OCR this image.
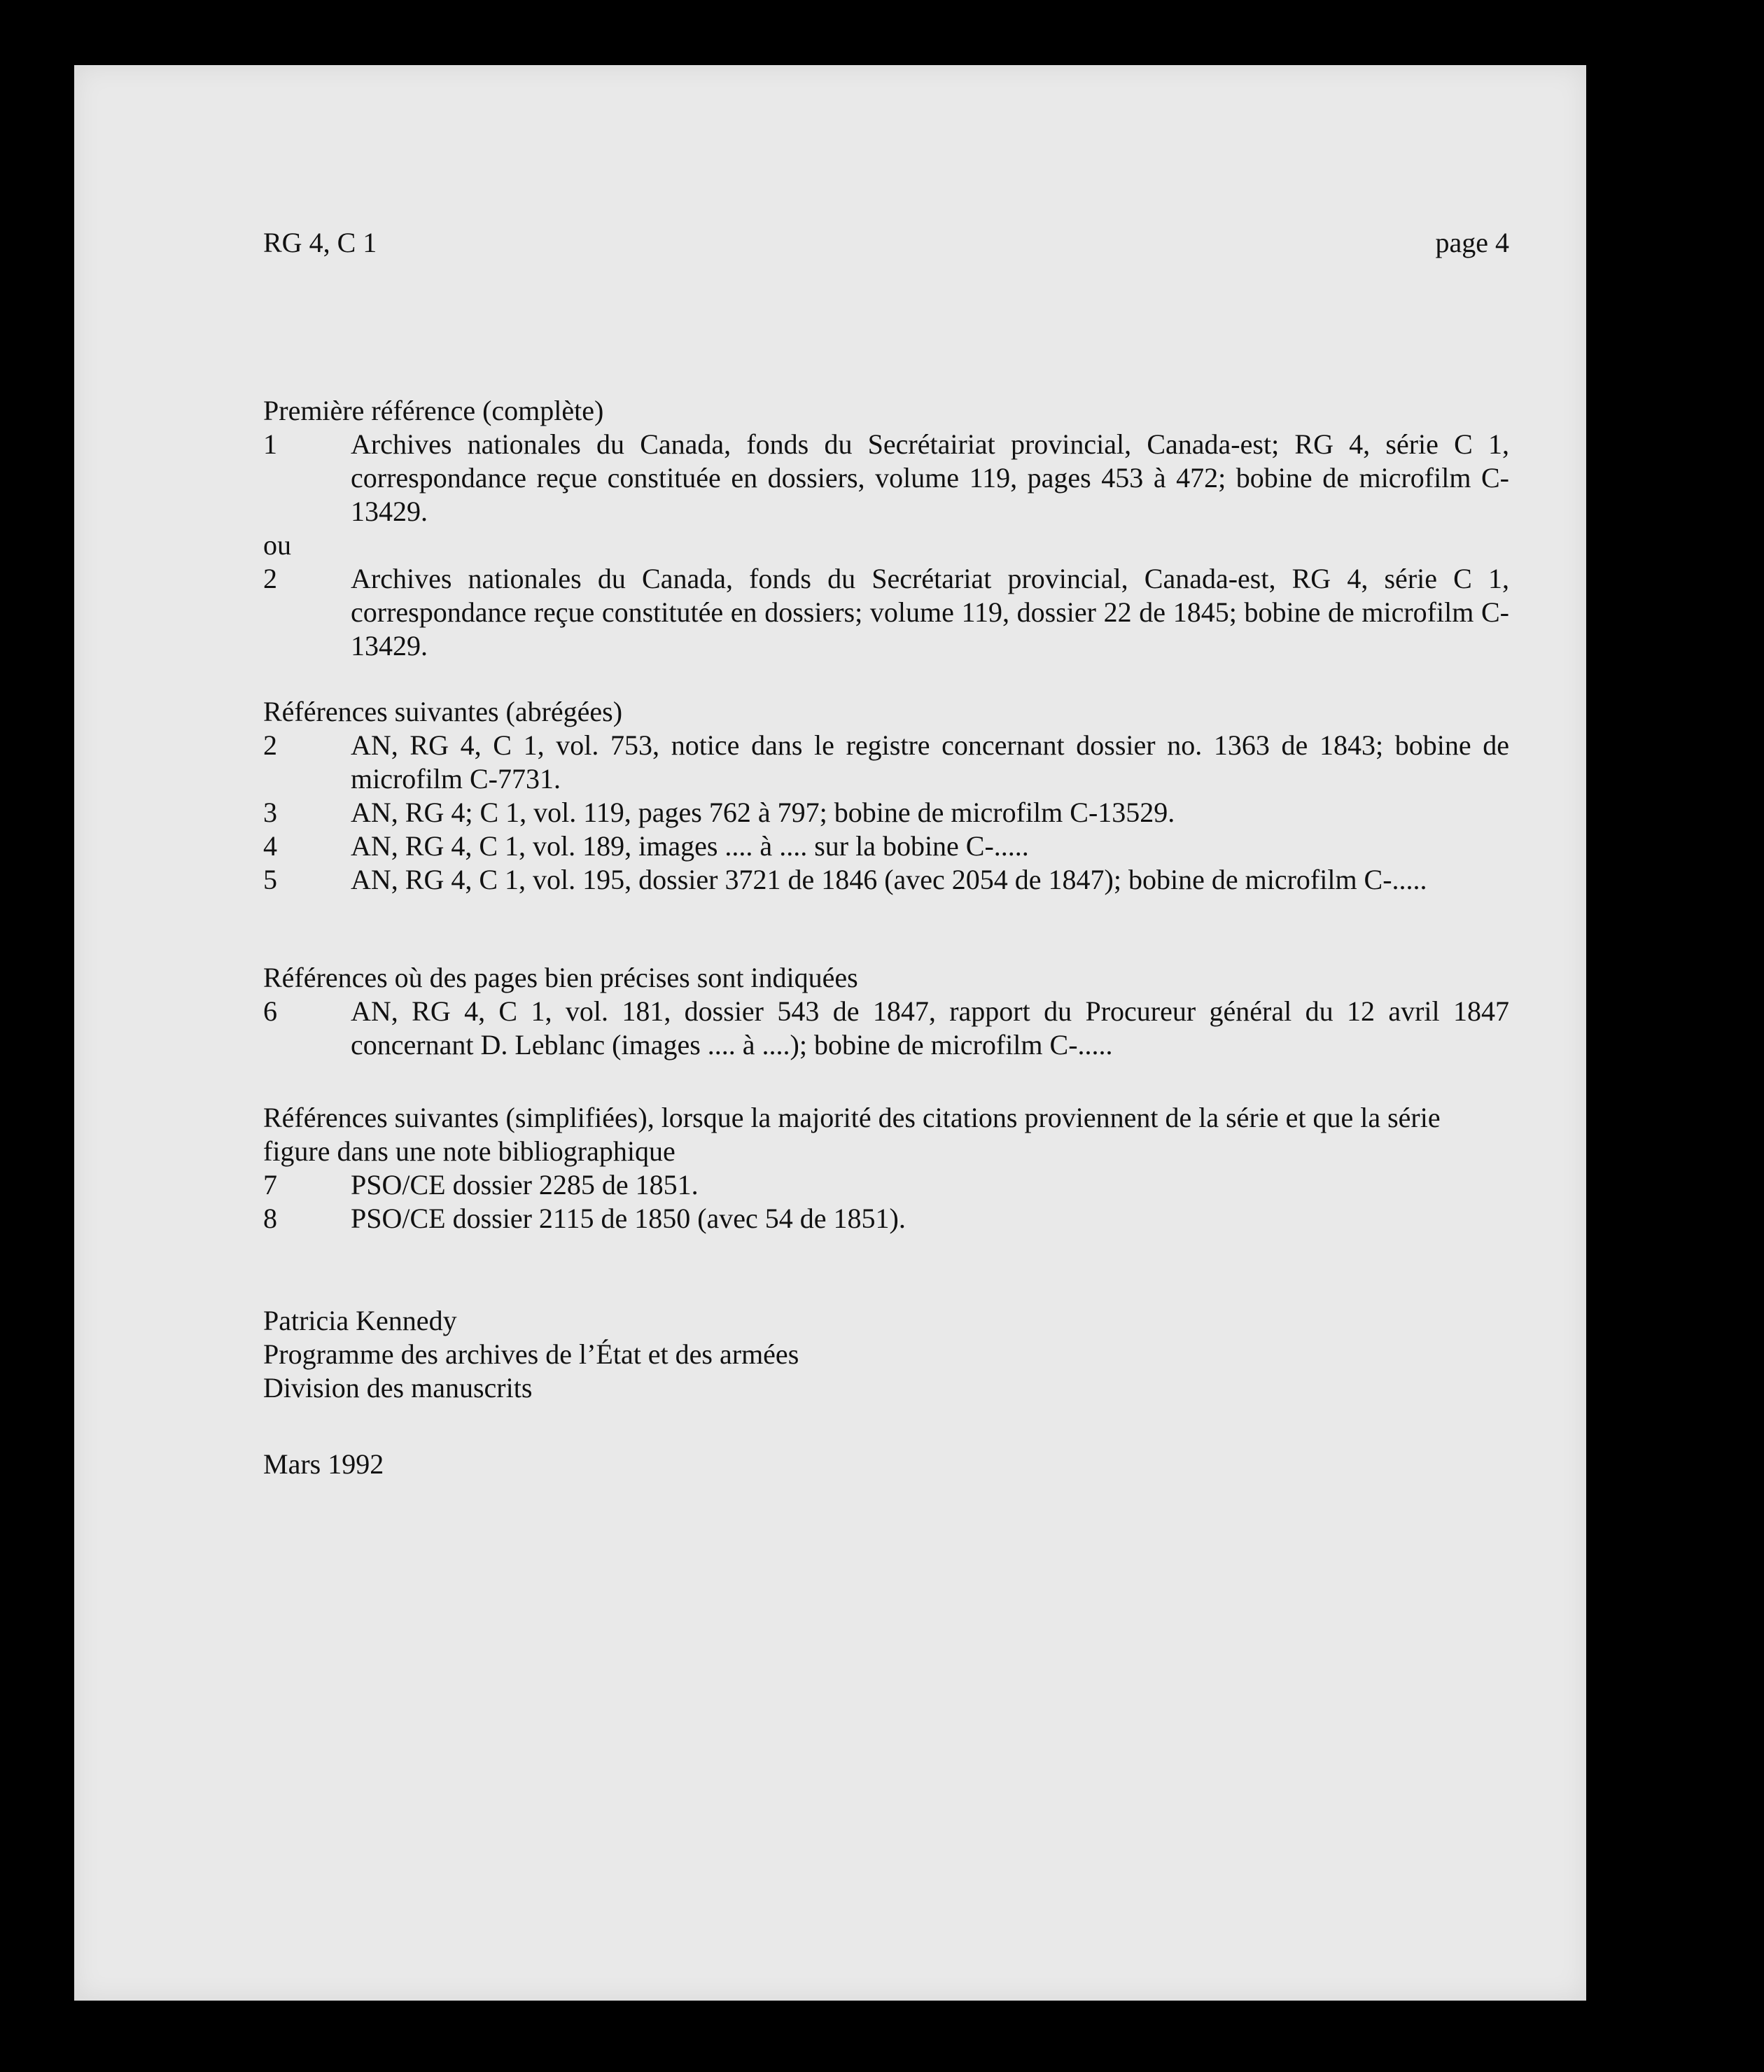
RG 4, C 1	page 4
Première référence (complète)
1	Archives nationales du Canada, fonds du Secrétairiat provincial, Canada-est; RG 4, série C 1, correspondance reçue constituée en dossiers, volume 119, pages 453 à 472; bobine de microfilm C-13429.
ou
2	Archives nationales du Canada, fonds du Secrétariat provincial, Canada-est, RG 4, série C 1, correspondance reçue constitutée en dossiers; volume 119, dossier 22 de 1845; bobine de microfilm C-13429.
Références suivantes (abrégées)
2	AN, RG 4, C 1, vol. 753, notice dans le registre concernant dossier no. 1363 de 1843; bobine de microfilm C-7731.
3	AN, RG 4; C 1, vol. 119, pages 762 à 797; bobine de microfilm C-13529.
4	AN, RG 4, C 1, vol. 189, images .... à .... sur la bobine C-.....
5	AN, RG 4, C 1, vol. 195, dossier 3721 de 1846 (avec 2054 de 1847); bobine de microfilm C-.....
Références où des pages bien précises sont indiquées
6	AN, RG 4, C 1, vol. 181, dossier 543 de 1847, rapport du Procureur général du 12 avril 1847 concernant D. Leblanc (images .... à ....); bobine de microfilm C-.....
Références suivantes (simplifiées), lorsque la majorité des citations proviennent de la série et que la série figure dans une note bibliographique
7	PSO/CE dossier 2285 de 1851.
8	PSO/CE dossier 2115 de 1850 (avec 54 de 1851).
Patricia Kennedy
Programme des archives de l’État et des armées
Division des manuscrits
Mars 1992
